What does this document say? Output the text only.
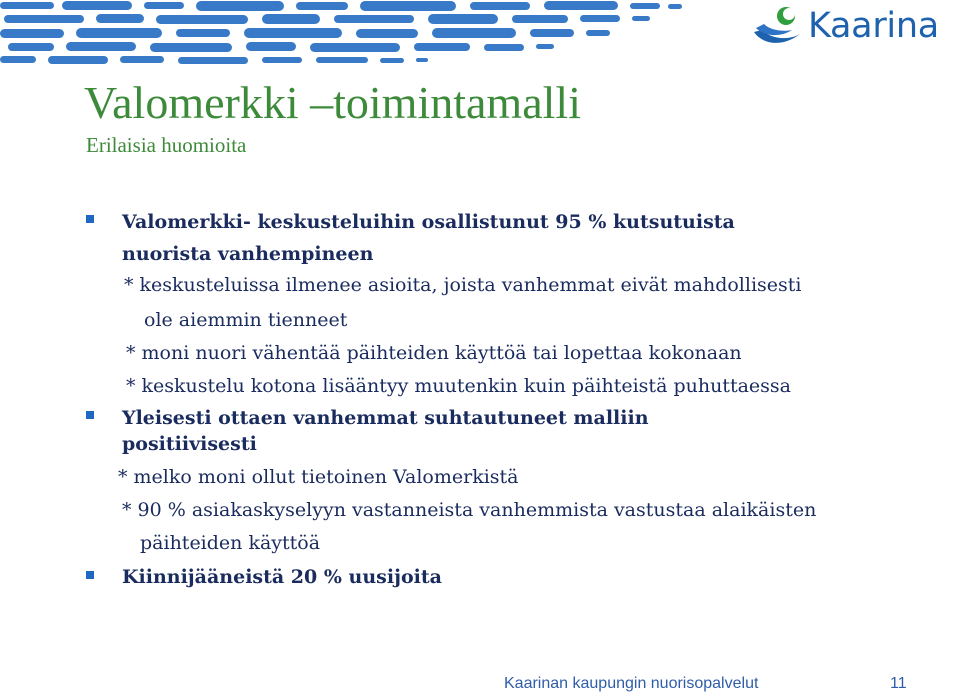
Kaarina
Valomerkki –toimintamalli
Erilaisia huomioita
Valomerkki- keskusteluihin osallistunut 95 % kutsutuista
nuorista vanhempineen
* keskusteluissa ilmenee asioita, joista vanhemmat eivät mahdollisesti
ole aiemmin tienneet
* moni nuori vähentää päihteiden käyttöä tai lopettaa kokonaan
* keskustelu kotona lisääntyy muutenkin kuin päihteistä puhuttaessa
Yleisesti ottaen vanhemmat suhtautuneet malliin
positiivisesti
* melko moni ollut tietoinen Valomerkistä
* 90 % asiakaskyselyyn vastanneista vanhemmista vastustaa alaikäisten
päihteiden käyttöä
Kiinnijääneistä 20 % uusijoita
Kaarinan kaupungin nuorisopalvelut	11
